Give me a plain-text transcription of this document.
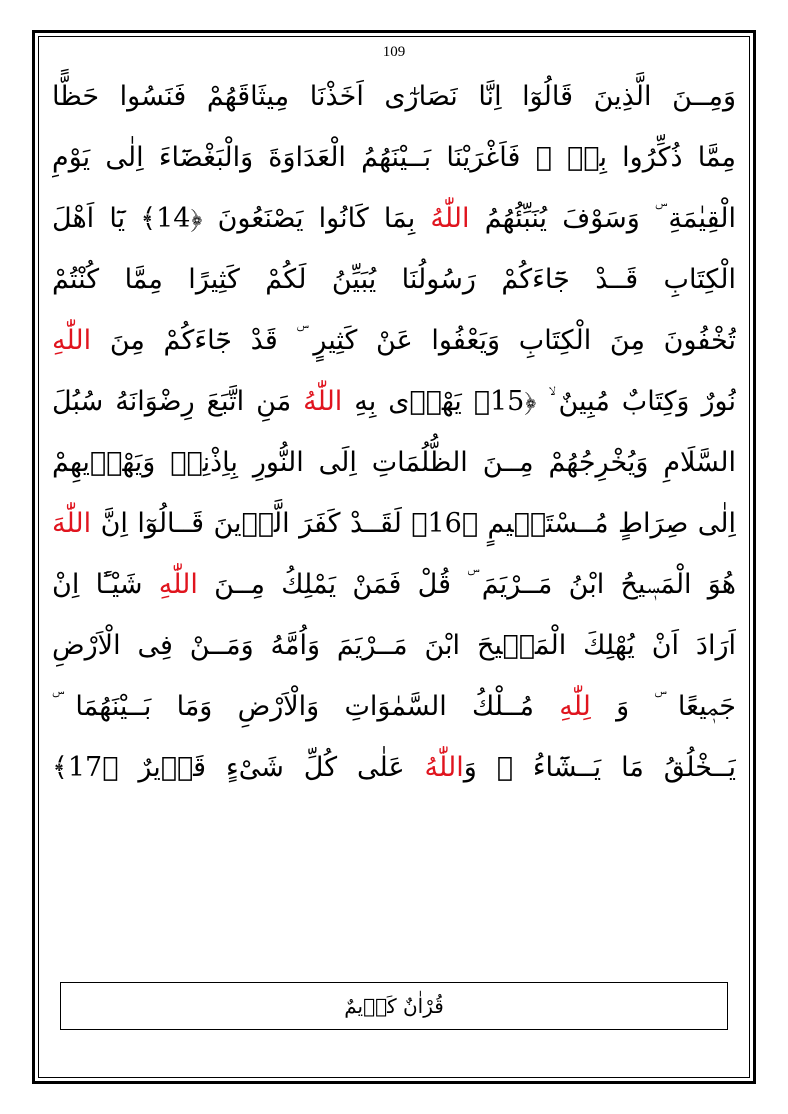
109
وَمِــنَ الَّذِينَ قَالُوٓا اِنَّا نَصَارٰٓى اَخَذْنَا مِيثَاقَهُمْ فَنَسُوا حَظًّا
مِمَّا ذُكِّرُوا بِهٖ ۚ فَاَغْرَيْنَا بَــيْنَهُمُ الْعَدَاوَةَ وَالْبَغْضَٓاءَ اِلٰى يَوْمِ
الْقِيٰمَةِ ۜ وَسَوْفَ يُنَبِّئُهُمُ اللّٰهُ بِمَا كَانُوا يَصْنَعُونَ ﴿14﴾ يَٓا اَهْلَ
الْكِتَابِ قَــدْ جَٓاءَكُمْ رَسُولُنَا يُبَيِّنُ لَكُمْ كَثِيرًا مِمَّا كُنْتُمْ
تُخْفُونَ مِنَ الْكِتَابِ وَيَعْفُوا عَنْ كَثِيرٍ ۜ قَدْ جَٓاءَكُمْ مِنَ اللّٰهِ
نُورٌ وَكِتَابٌ مُبِينٌ ۙ ﴿15﴾ يَهْدٖى بِهِ اللّٰهُ مَنِ اتَّبَعَ رِضْوَانَهُ سُبُلَ
السَّلَامِ وَيُخْرِجُهُمْ مِــنَ الظُّلُمَاتِ اِلَى النُّورِ بِاِذْنِهٖ وَيَهْدٖيهِمْ
اِلٰى صِرَاطٍ مُــسْتَقٖيمٍ ﴿16﴾ لَقَــدْ كَفَرَ الَّذٖينَ قَــالُوٓا اِنَّ اللّٰهَ
هُوَ الْمَسٖيحُ ابْنُ مَــرْيَمَ ۜ قُلْ فَمَنْ يَمْلِكُ مِــنَ اللّٰهِ شَيْـًٔا اِنْ
اَرَادَ اَنْ يُهْلِكَ الْمَسٖيحَ ابْنَ مَــرْيَمَ وَاُمَّهُ وَمَــنْ فِى الْاَرْضِ
جَمٖيعًا ۜ وَ لِلّٰهِ مُــلْكُ السَّمٰوَاتِ وَالْاَرْضِ وَمَا بَــيْنَهُمَا ۜ
يَــخْلُقُ مَا يَــشَٓاءُ ۜ وَاللّٰهُ عَلٰى كُلِّ شَىْءٍ قَدٖيرٌ ﴿17﴾
قُرْاٰنٌ كَرٖيمٌ
